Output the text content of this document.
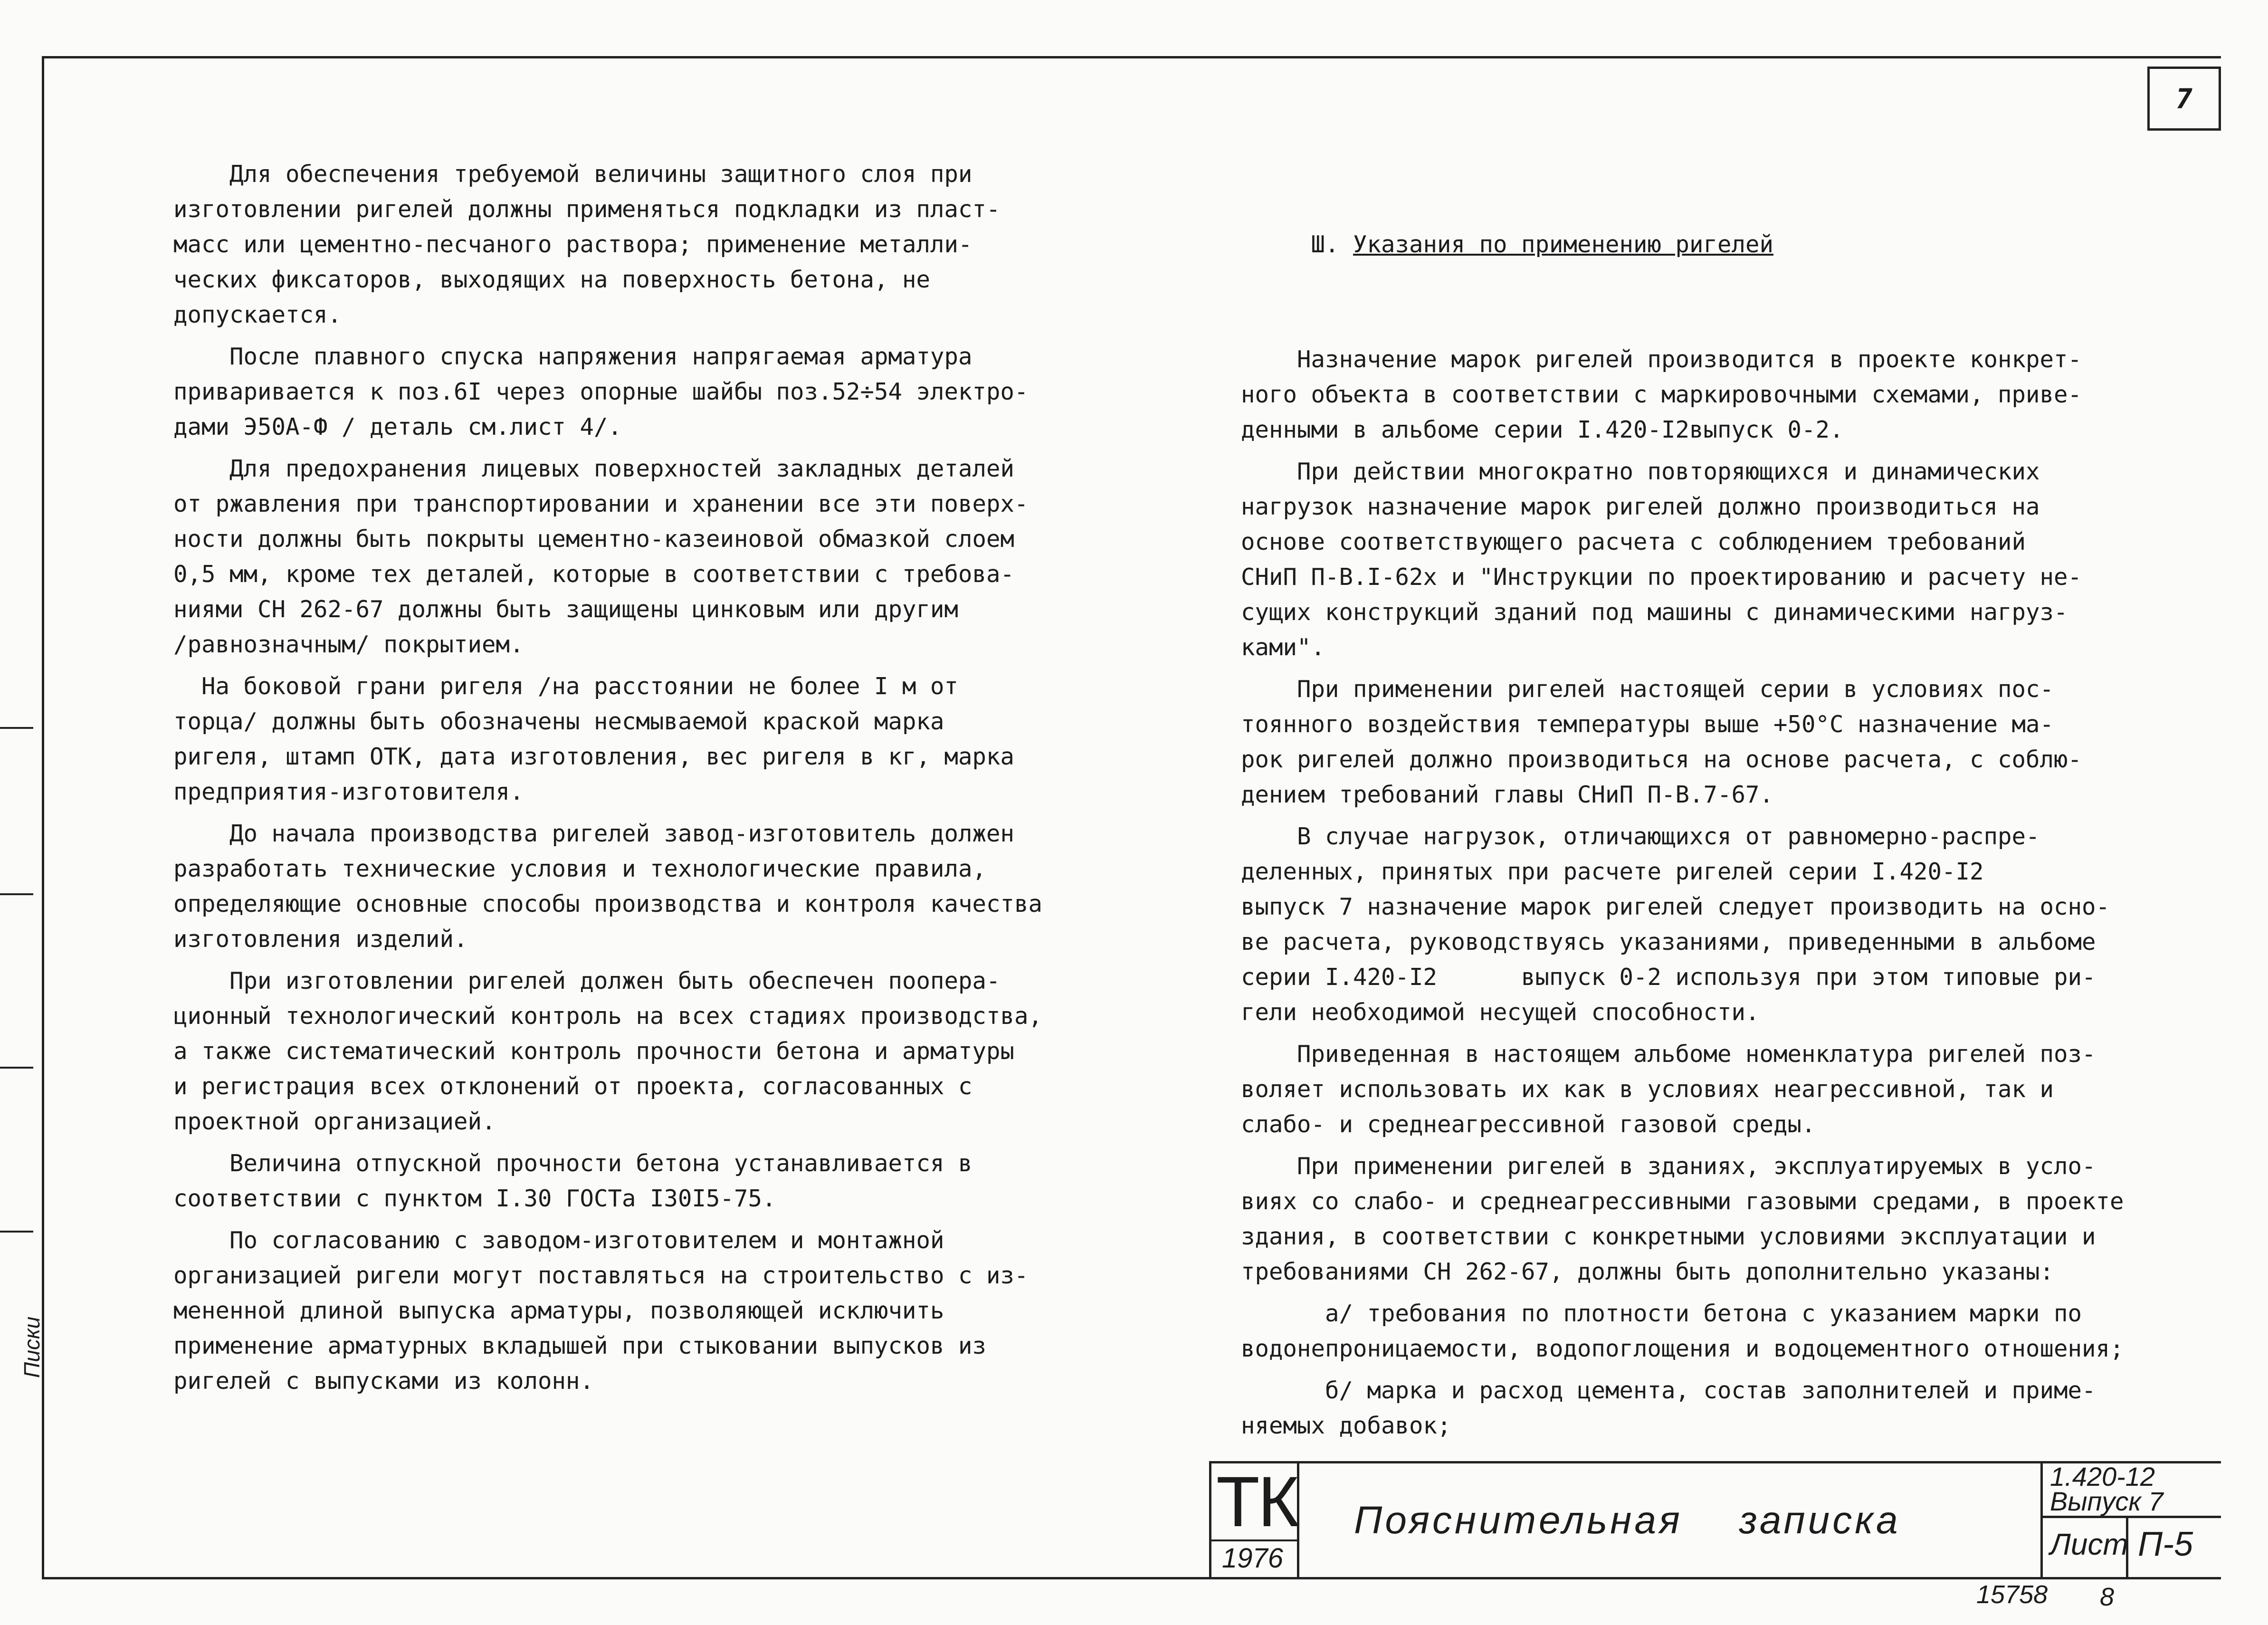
7
Для обеспечения требуемой величины защитного слоя при
изготовлении ригелей должны применяться подкладки из пласт-
масс или цементно-песчаного раствора; применение металли-
ческих фиксаторов, выходящих на поверхность бетона, не
допускается.
После плавного спуска напряжения напрягаемая арматура
приваривается к поз.6I через опорные шайбы поз.52÷54 электро-
дами Э50А-Ф / деталь см.лист 4/.
Для предохранения лицевых поверхностей закладных деталей
от ржавления при транспортировании и хранении все эти поверх-
ности должны быть покрыты цементно-казеиновой обмазкой слоем
0,5 мм, кроме тех деталей, которые в соответствии с требова-
ниями СН 262-67 должны быть защищены цинковым или другим
/равнозначным/ покрытием.
На боковой грани ригеля /на расстоянии не более I м от
торца/ должны быть обозначены несмываемой краской марка
ригеля, штамп ОТК, дата изготовления, вес ригеля в кг, марка
предприятия-изготовителя.
До начала производства ригелей завод-изготовитель должен
разработать технические условия и технологические правила,
определяющие основные способы производства и контроля качества
изготовления изделий.
При изготовлении ригелей должен быть обеспечен поопера-
ционный технологический контроль на всех стадиях производства,
а также систематический контроль прочности бетона и арматуры
и регистрация всех отклонений от проекта, согласованных с
проектной организацией.
Величина отпускной прочности бетона устанавливается в
соответствии с пунктом I.30 ГОСТа I30I5-75.
По согласованию с заводом-изготовителем и монтажной
организацией ригели могут поставляться на строительство с из-
мененной длиной выпуска арматуры, позволяющей исключить
применение арматурных вкладышей при стыковании выпусков из
ригелей с выпусками из колонн.

Ш. Указания по применению ригелей

Назначение марок ригелей производится в проекте конкрет-
ного объекта в соответствии с маркировочными схемами, приве-
денными в альбоме серии I.420-I2выпуск 0-2.
При действии многократно повторяющихся и динамических
нагрузок назначение марок ригелей должно производиться на
основе соответствующего расчета с соблюдением требований
СНиП П-В.I-62х и "Инструкции по проектированию и расчету не-
сущих конструкций зданий под машины с динамическими нагруз-
ками".
При применении ригелей настоящей серии в условиях пос-
тоянного воздействия температуры выше +50°С назначение ма-
рок ригелей должно производиться на основе расчета, с соблю-
дением требований главы СНиП П-В.7-67.
В случае нагрузок, отличающихся от равномерно-распре-
деленных, принятых при расчете ригелей серии I.420-I2
выпуск 7 назначение марок ригелей следует производить на осно-
ве расчета, руководствуясь указаниями, приведенными в альбоме
серии I.420-I2      выпуск 0-2 используя при этом типовые ри-
гели необходимой несущей способности.
Приведенная в настоящем альбоме номенклатура ригелей поз-
воляет использовать их как в условиях неагрессивной, так и
слабо- и среднеагрессивной газовой среды.
При применении ригелей в зданиях, эксплуатируемых в усло-
виях со слабо- и среднеагрессивными газовыми средами, в проекте
здания, в соответствии с конкретными условиями эксплуатации и
требованиями СН 262-67, должны быть дополнительно указаны:
а/ требования по плотности бетона с указанием марки по
водонепроницаемости, водопоглощения и водоцементного отношения;
б/ марка и расход цемента, состав заполнителей и приме-
няемых добавок;

ТК
1976
Пояснительная записка
1.420-12
Выпуск 7
Лист П-5
15758 8
Писки
